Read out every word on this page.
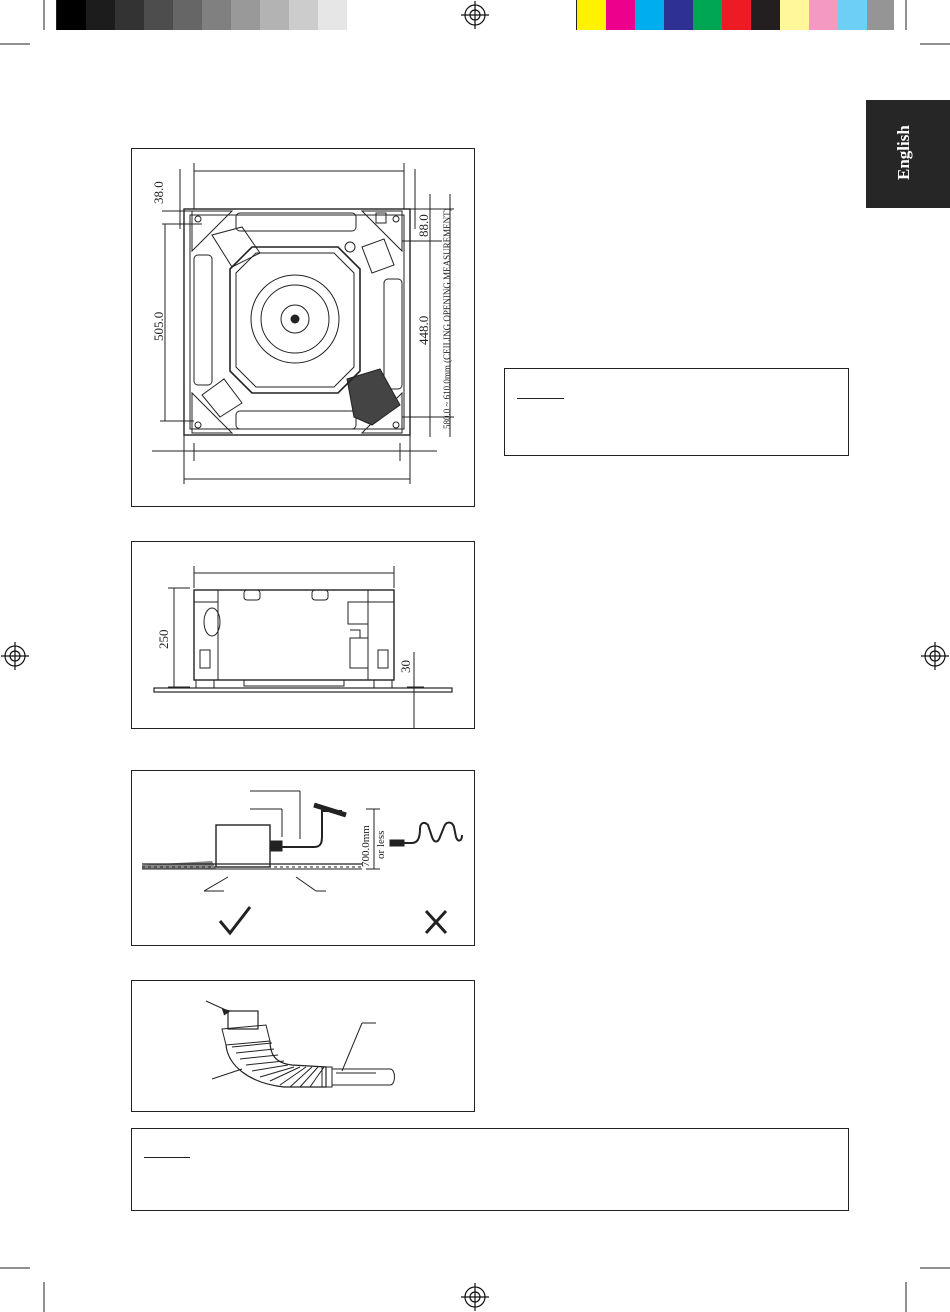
English
38.0
505.0
88.0
448.0 580.0 ~ 610.0mm (CEILING OPENING MEASUREMENT)
250
30
700.0mm or less
